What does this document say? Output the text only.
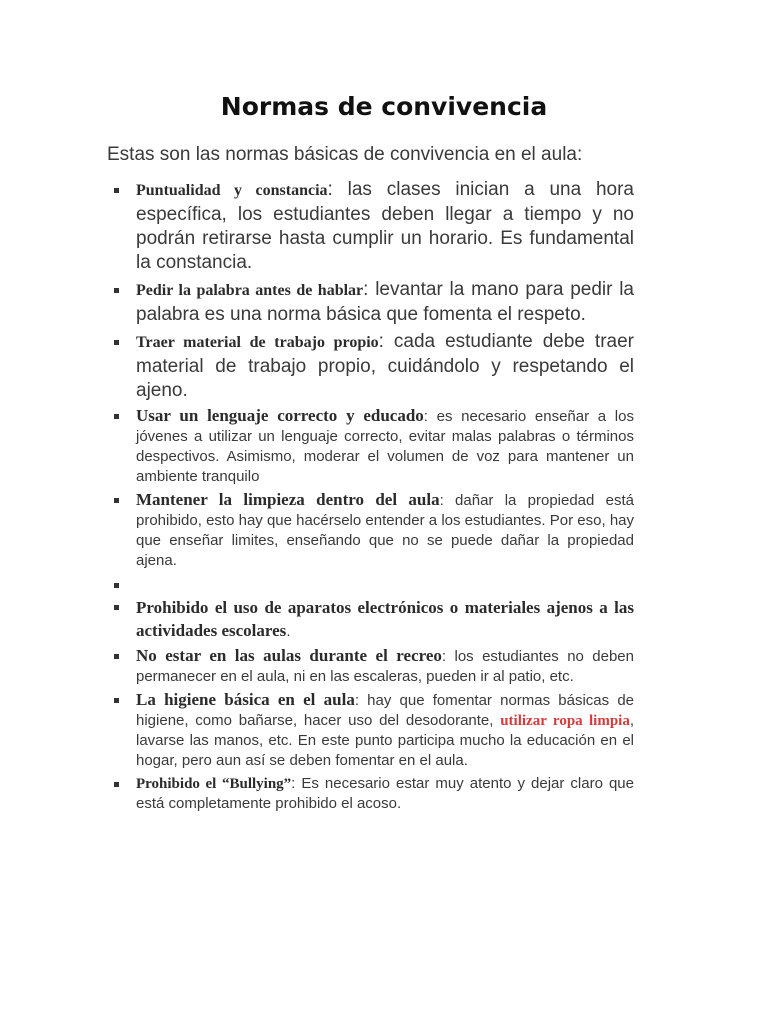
Normas de convivencia

Estas son las normas básicas de convivencia en el aula:

Puntualidad y constancia: las clases inician a una hora específica, los estudiantes deben llegar a tiempo y no podrán retirarse hasta cumplir un horario. Es fundamental la constancia.
Pedir la palabra antes de hablar: levantar la mano para pedir la palabra es una norma básica que fomenta el respeto.
Traer material de trabajo propio: cada estudiante debe traer material de trabajo propio, cuidándolo y respetando el ajeno.
Usar un lenguaje correcto y educado: es necesario enseñar a los jóvenes a utilizar un lenguaje correcto, evitar malas palabras o términos despectivos. Asimismo, moderar el volumen de voz para mantener un ambiente tranquilo
Mantener la limpieza dentro del aula: dañar la propiedad está prohibido, esto hay que hacérselo entender a los estudiantes. Por eso, hay que enseñar limites, enseñando que no se puede dañar la propiedad ajena.
Prohibido el uso de aparatos electrónicos o materiales ajenos a las actividades escolares.
No estar en las aulas durante el recreo: los estudiantes no deben permanecer en el aula, ni en las escaleras, pueden ir al patio, etc.
La higiene básica en el aula: hay que fomentar normas básicas de higiene, como bañarse, hacer uso del desodorante, utilizar ropa limpia, lavarse las manos, etc. En este punto participa mucho la educación en el hogar, pero aun así se deben fomentar en el aula.
Prohibido el “Bullying”: Es necesario estar muy atento y dejar claro que está completamente prohibido el acoso.
